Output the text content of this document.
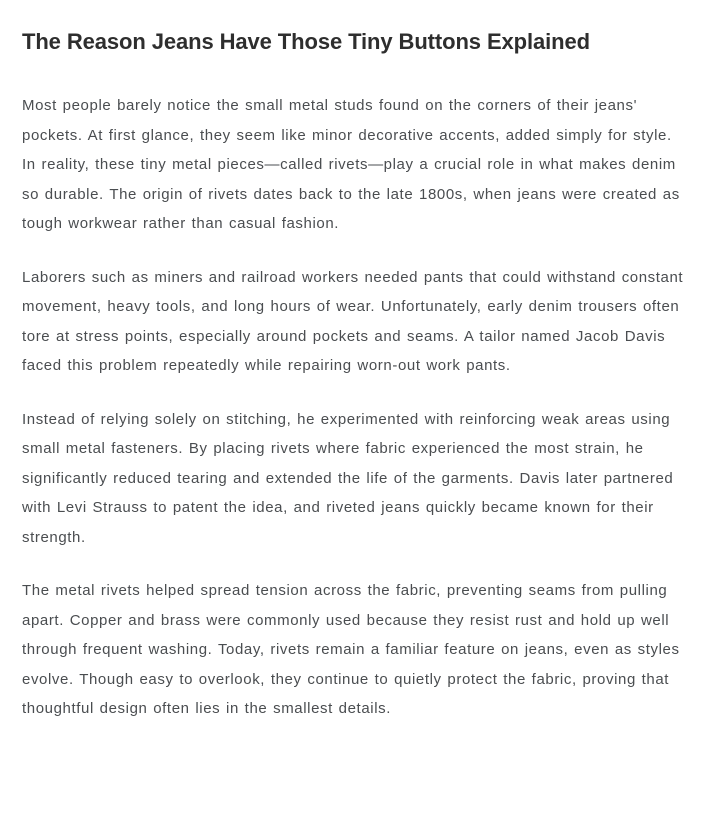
The Reason Jeans Have Those Tiny Buttons Explained

Most people barely notice the small metal studs found on the corners of their jeans' pockets. At first glance, they seem like minor decorative accents, added simply for style. In reality, these tiny metal pieces—called rivets—play a crucial role in what makes denim so durable. The origin of rivets dates back to the late 1800s, when jeans were created as tough workwear rather than casual fashion.

Laborers such as miners and railroad workers needed pants that could withstand constant movement, heavy tools, and long hours of wear. Unfortunately, early denim trousers often tore at stress points, especially around pockets and seams. A tailor named Jacob Davis faced this problem repeatedly while repairing worn-out work pants.

Instead of relying solely on stitching, he experimented with reinforcing weak areas using small metal fasteners. By placing rivets where fabric experienced the most strain, he significantly reduced tearing and extended the life of the garments. Davis later partnered with Levi Strauss to patent the idea, and riveted jeans quickly became known for their strength.

The metal rivets helped spread tension across the fabric, preventing seams from pulling apart. Copper and brass were commonly used because they resist rust and hold up well through frequent washing. Today, rivets remain a familiar feature on jeans, even as styles evolve. Though easy to overlook, they continue to quietly protect the fabric, proving that thoughtful design often lies in the smallest details.
